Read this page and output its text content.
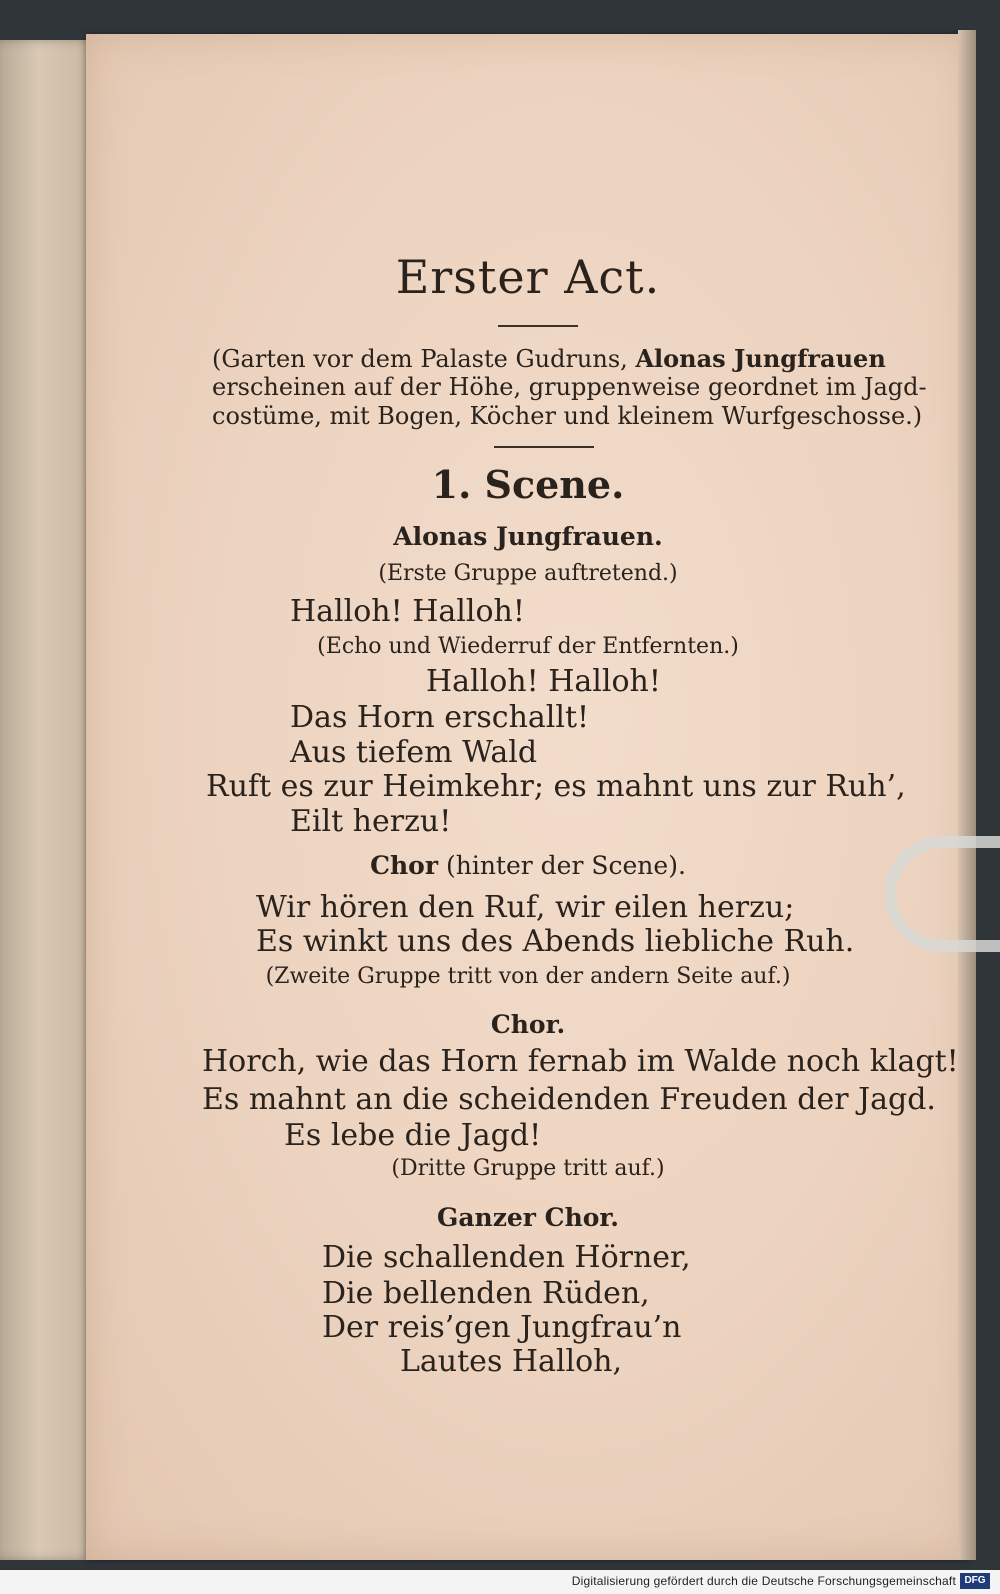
Erster Act.
(Garten vor dem Palaste Gudruns, Alonas Jungfrauen
erscheinen auf der Höhe, gruppenweise geordnet im Jagd-
costüme, mit Bogen, Köcher und kleinem Wurfgeschosse.)
1. Scene.
Alonas Jungfrauen.
(Erste Gruppe auftretend.)
Halloh! Halloh!
(Echo und Wiederruf der Entfernten.)
Halloh! Halloh!
Das Horn erschallt!
Aus tiefem Wald
Ruft es zur Heimkehr; es mahnt uns zur Ruh’,
Eilt herzu!
Chor (hinter der Scene).
Wir hören den Ruf, wir eilen herzu;
Es winkt uns des Abends liebliche Ruh.
(Zweite Gruppe tritt von der andern Seite auf.)
Chor.
Horch, wie das Horn fernab im Walde noch klagt!
Es mahnt an die scheidenden Freuden der Jagd.
Es lebe die Jagd!
(Dritte Gruppe tritt auf.)
Ganzer Chor.
Die schallenden Hörner,
Die bellenden Rüden,
Der reis’gen Jungfrau’n
Lautes Halloh,
Digitalisierung gefördert durch die Deutsche Forschungsgemeinschaft DFG
